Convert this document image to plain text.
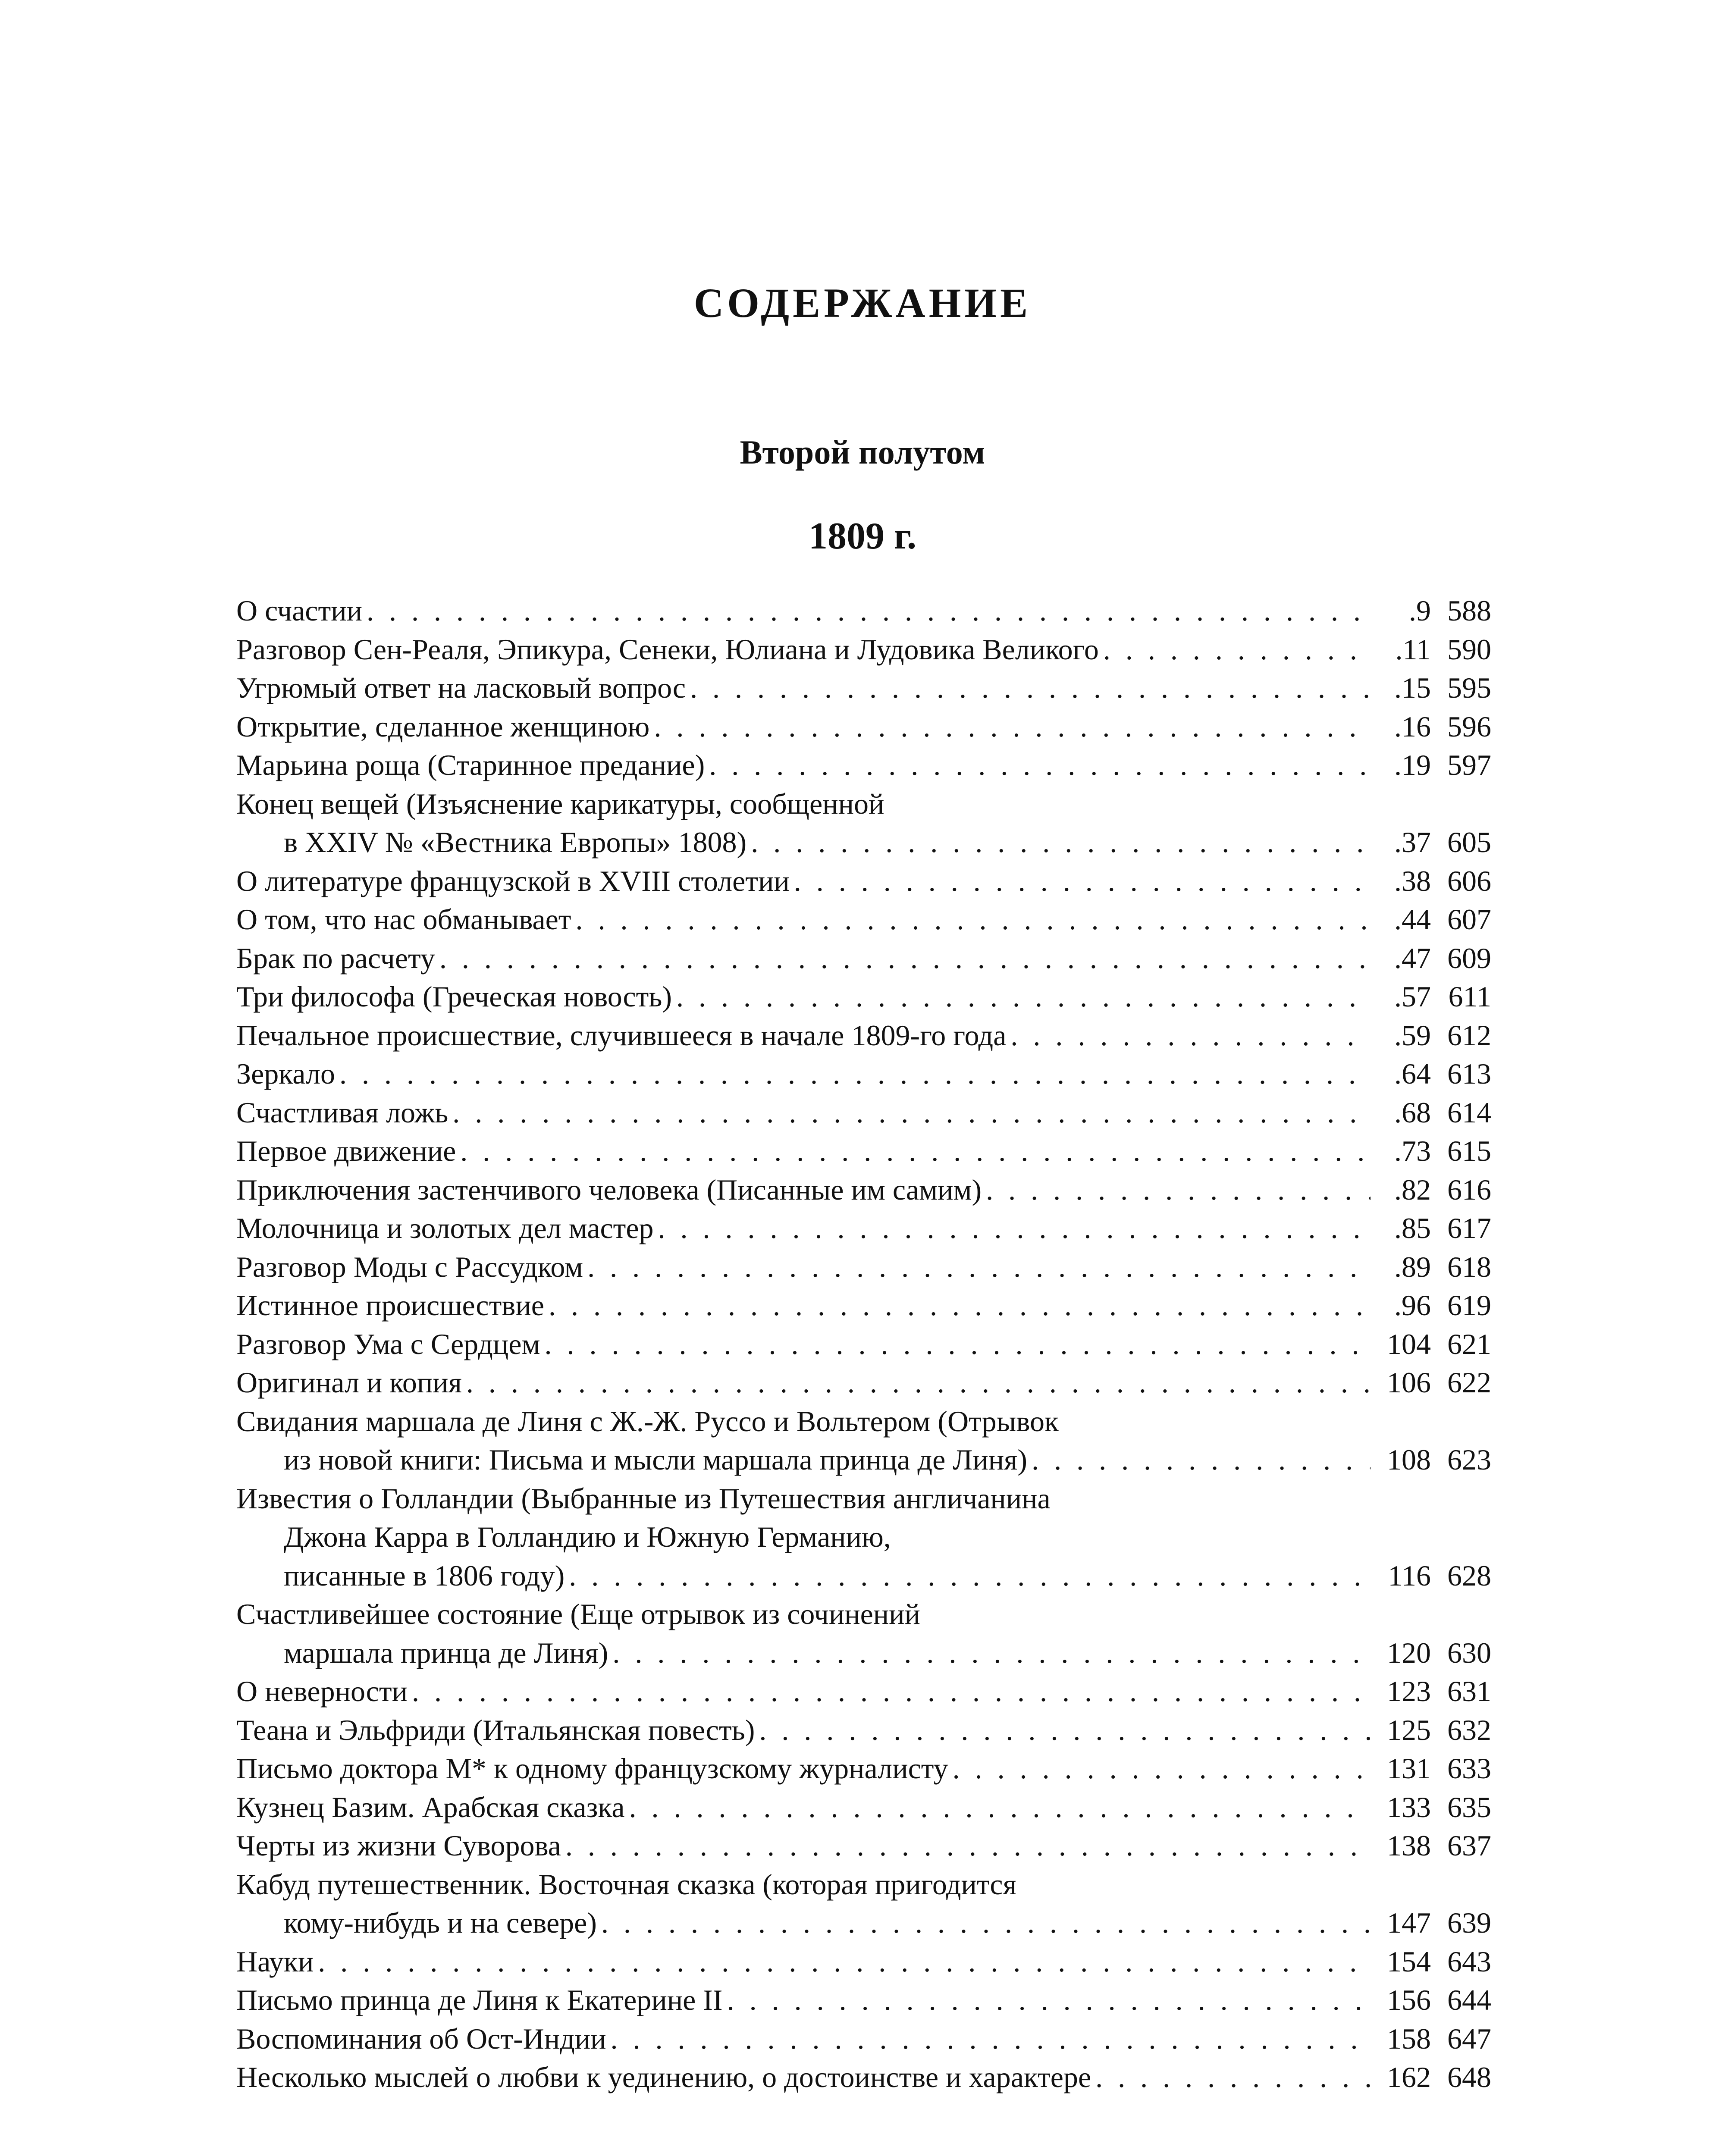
СОДЕРЖАНИЕ
Второй полутом
1809 г.
О счастии . . .	.9 588
Разговор Сен-Реаля, Эпикура, Сенеки, Юлиана и Лудовика Великого . . .	.11 590
Угрюмый ответ на ласковый вопрос . . .	.15 595
Открытие, сделанное женщиною . . .	.16 596
Марьина роща (Старинное предание) . . .	.19 597
Конец вещей (Изъяснение карикатуры, сообщенной
в XXIV № «Вестника Европы» 1808) . . .	.37 605
О литературе французской в XVIII столетии . . .	.38 606
О том, что нас обманывает . . .	.44 607
Брак по расчету . . .	.47 609
Три философа (Греческая новость) . . .	.57 611
Печальное происшествие, случившееся в начале 1809-го года . . .	.59 612
Зеркало . . .	.64 613
Счастливая ложь . . .	.68 614
Первое движение . . .	.73 615
Приключения застенчивого человека (Писанные им самим) . . .	.82 616
Молочница и золотых дел мастер . . .	.85 617
Разговор Моды с Рассудком . . .	.89 618
Истинное происшествие . . .	.96 619
Разговор Ума с Сердцем . . .	104 621
Оригинал и копия . . .	106 622
Свидания маршала де Линя с Ж.-Ж. Руссо и Вольтером (Отрывок
из новой книги: Письма и мысли маршала принца де Линя) . . .	108 623
Известия о Голландии (Выбранные из Путешествия англичанина
Джона Карра в Голландию и Южную Германию,
писанные в 1806 году) . . .	116 628
Счастливейшее состояние (Еще отрывок из сочинений
маршала принца де Линя) . . .	120 630
О неверности . . .	123 631
Теана и Эльфриди (Итальянская повесть) . . .	125 632
Письмо доктора М* к одному французскому журналисту . . .	131 633
Кузнец Базим. Арабская сказка . . .	133 635
Черты из жизни Суворова . . .	138 637
Кабуд путешественник. Восточная сказка (которая пригодится
кому-нибудь и на севере) . . .	147 639
Науки . . .	154 643
Письмо принца де Линя к Екатерине II . . .	156 644
Воспоминания об Ост-Индии . . .	158 647
Несколько мыслей о любви к уединению, о достоинстве и характере . . .	162 648
